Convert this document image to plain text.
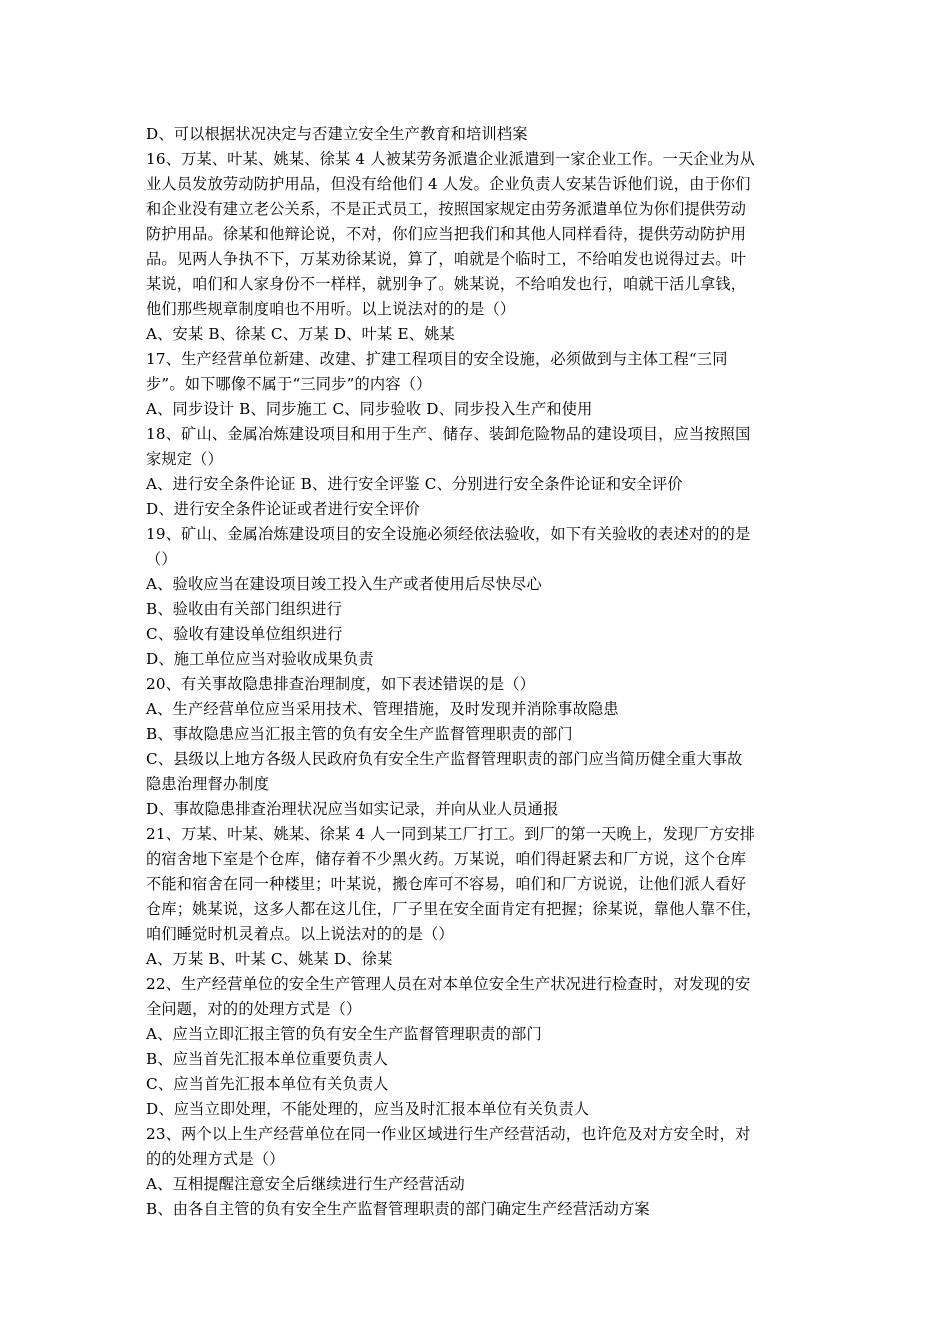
D、可以根据状况决定与否建立安全生产教育和培训档案

16、万某、叶某、姚某、徐某 4 人被某劳务派遣企业派遣到一家企业工作。一天企业为从

业人员发放劳动防护用品，但没有给他们 4 人发。企业负责人安某告诉他们说，由于你们

和企业没有建立老公关系，不是正式员工，按照国家规定由劳务派遣单位为你们提供劳动

防护用品。徐某和他辩论说，不对，你们应当把我们和其他人同样看待，提供劳动防护用

品。见两人争执不下，万某劝徐某说，算了，咱就是个临时工，不给咱发也说得过去。叶

某说，咱们和人家身份不一样样，就别争了。姚某说，不给咱发也行，咱就干活儿拿钱，

他们那些规章制度咱也不用听。以上说法对的的是（）

A、安某 B、徐某 C、万某 D、叶某 E、姚某

17、生产经营单位新建、改建、扩建工程项目的安全设施，必须做到与主体工程“三同

步”。如下哪像不属于“三同步”的内容（）

A、同步设计 B、同步施工 C、同步验收 D、同步投入生产和使用

18、矿山、金属冶炼建设项目和用于生产、储存、装卸危险物品的建设项目，应当按照国

家规定（）

A、进行安全条件论证 B、进行安全评鉴 C、分别进行安全条件论证和安全评价

D、进行安全条件论证或者进行安全评价

19、矿山、金属冶炼建设项目的安全设施必须经依法验收，如下有关验收的表述对的的是

（）

A、验收应当在建设项目竣工投入生产或者使用后尽快尽心

B、验收由有关部门组织进行

C、验收有建设单位组织进行

D、施工单位应当对验收成果负责

20、有关事故隐患排查治理制度，如下表述错误的是（）

A、生产经营单位应当采用技术、管理措施，及时发现并消除事故隐患

B、事故隐患应当汇报主管的负有安全生产监督管理职责的部门

C、县级以上地方各级人民政府负有安全生产监督管理职责的部门应当简历健全重大事故

隐患治理督办制度

D、事故隐患排查治理状况应当如实记录，并向从业人员通报

21、万某、叶某、姚某、徐某 4 人一同到某工厂打工。到厂的第一天晚上，发现厂方安排

的宿舍地下室是个仓库，储存着不少黑火药。万某说，咱们得赶紧去和厂方说，这个仓库

不能和宿舍在同一种楼里；叶某说，搬仓库可不容易，咱们和厂方说说，让他们派人看好

仓库；姚某说，这多人都在这儿住，厂子里在安全面肯定有把握；徐某说，靠他人靠不住，

咱们睡觉时机灵着点。以上说法对的的是（）

A、万某 B、叶某 C、姚某 D、徐某

22、生产经营单位的安全生产管理人员在对本单位安全生产状况进行检查时，对发现的安

全问题，对的的处理方式是（）

A、应当立即汇报主管的负有安全生产监督管理职责的部门

B、应当首先汇报本单位重要负责人

C、应当首先汇报本单位有关负责人

D、应当立即处理，不能处理的，应当及时汇报本单位有关负责人

23、两个以上生产经营单位在同一作业区域进行生产经营活动，也许危及对方安全时，对

的的处理方式是（）

A、互相提醒注意安全后继续进行生产经营活动

B、由各自主管的负有安全生产监督管理职责的部门确定生产经营活动方案
